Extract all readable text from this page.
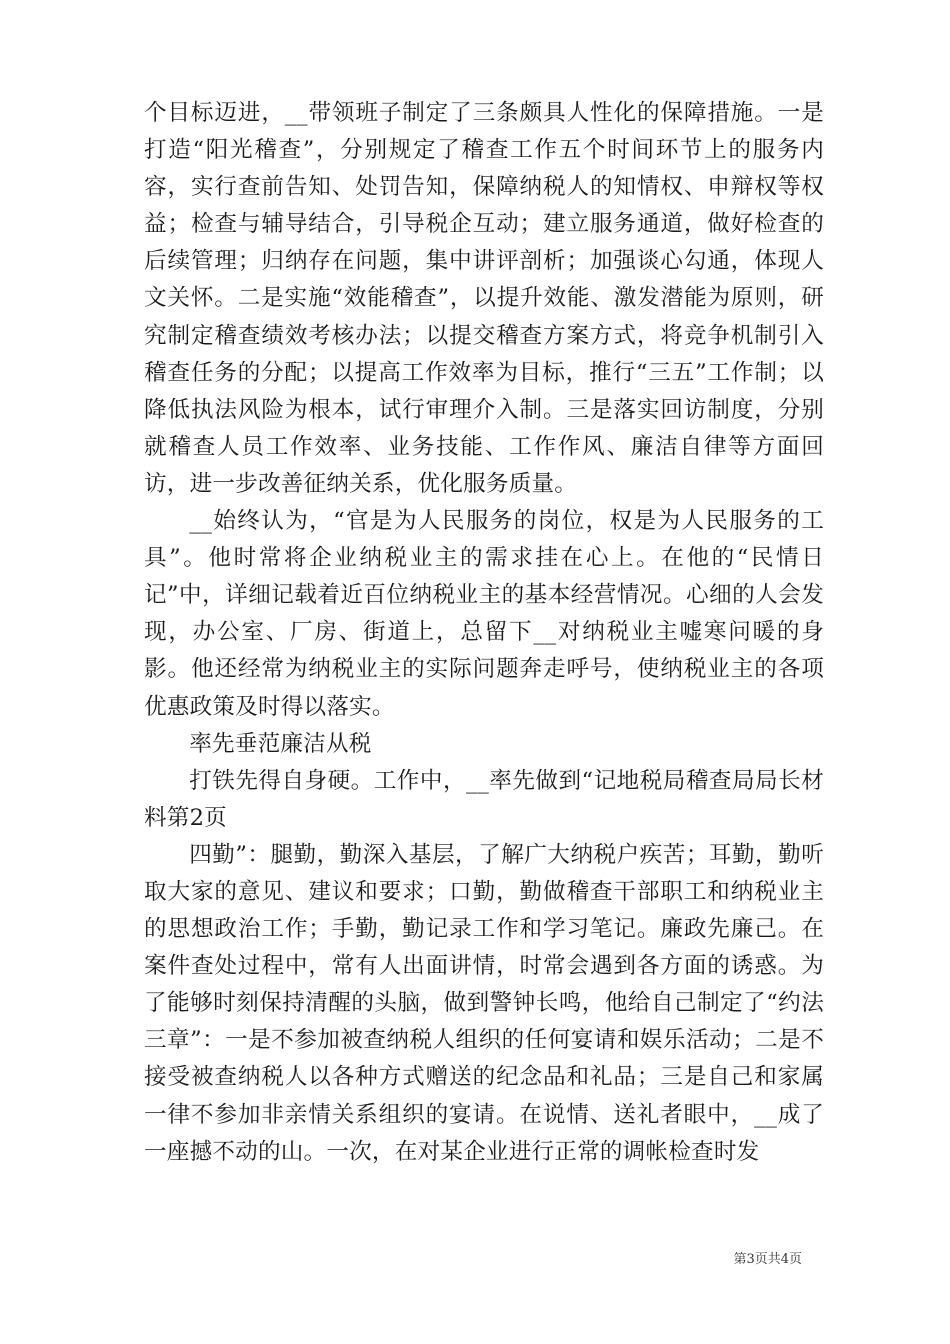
个目标迈进，__带领班子制定了三条颇具人性化的保障措施。一是打造“阳光稽查”，分别规定了稽查工作五个时间环节上的服务内容，实行查前告知、处罚告知，保障纳税人的知情权、申辩权等权益；检查与辅导结合，引导税企互动；建立服务通道，做好检查的后续管理；归纳存在问题，集中讲评剖析；加强谈心勾通，体现人文关怀。二是实施“效能稽查”，以提升效能、激发潜能为原则，研究制定稽查绩效考核办法；以提交稽查方案方式，将竞争机制引入稽查任务的分配；以提高工作效率为目标，推行“三五”工作制；以降低执法风险为根本，试行审理介入制。三是落实回访制度，分别就稽查人员工作效率、业务技能、工作作风、廉洁自律等方面回访，进一步改善征纳关系，优化服务质量。

__始终认为，“官是为人民服务的岗位，权是为人民服务的工具”。他时常将企业纳税业主的需求挂在心上。在他的“民情日记”中，详细记载着近百位纳税业主的基本经营情况。心细的人会发现，办公室、厂房、街道上，总留下__对纳税业主嘘寒问暖的身影。他还经常为纳税业主的实际问题奔走呼号，使纳税业主的各项优惠政策及时得以落实。

率先垂范廉洁从税

打铁先得自身硬。工作中，__率先做到“记地税局稽查局局长材料第2页

四勤”：腿勤，勤深入基层，了解广大纳税户疾苦；耳勤，勤听取大家的意见、建议和要求；口勤，勤做稽查干部职工和纳税业主的思想政治工作；手勤，勤记录工作和学习笔记。廉政先廉己。在案件查处过程中，常有人出面讲情，时常会遇到各方面的诱惑。为了能够时刻保持清醒的头脑，做到警钟长鸣，他给自己制定了“约法三章”：一是不参加被查纳税人组织的任何宴请和娱乐活动；二是不接受被查纳税人以各种方式赠送的纪念品和礼品；三是自己和家属一律不参加非亲情关系组织的宴请。在说情、送礼者眼中，__成了一座撼不动的山。一次，在对某企业进行正常的调帐检查时发

第3页共4页
